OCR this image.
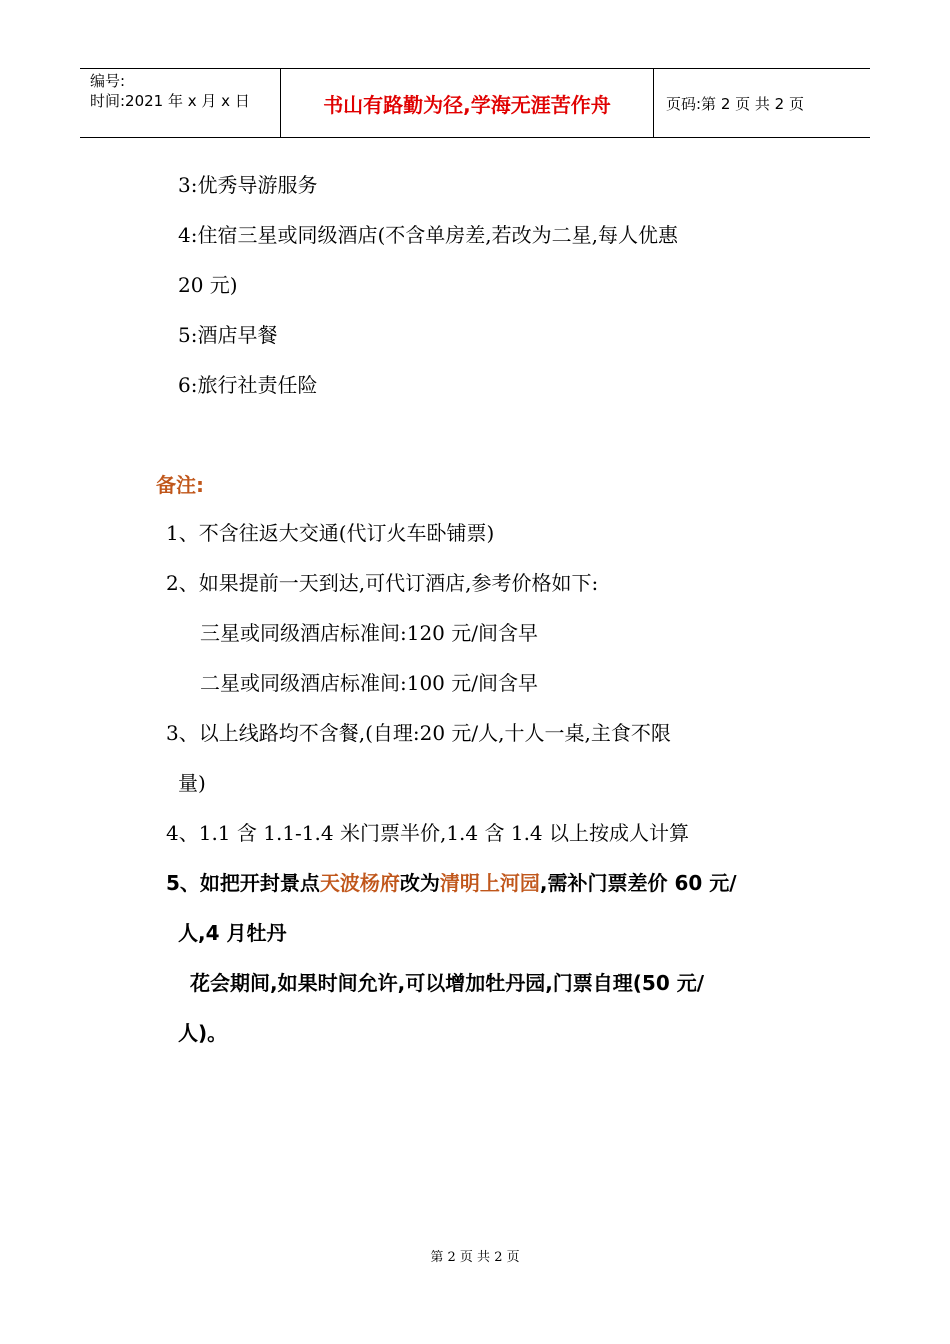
编号:
时间:2021 年 x 月 x 日	书山有路勤为径,学海无涯苦作舟	页码:第 2 页 共 2 页
3:优秀导游服务
4:住宿三星或同级酒店(不含单房差,若改为二星,每人优惠
20 元)
5:酒店早餐
6:旅行社责任险
备注:
1、不含往返大交通(代订火车卧铺票)
2、如果提前一天到达,可代订酒店,参考价格如下:
三星或同级酒店标准间:120 元/间含早
二星或同级酒店标准间:100 元/间含早
3、以上线路均不含餐,(自理:20 元/人,十人一桌,主食不限
量)
4、1.1 含 1.1-1.4 米门票半价,1.4 含 1.4 以上按成人计算
5、如把开封景点天波杨府改为清明上河园,需补门票差价 60 元/
人,4 月牡丹
花会期间,如果时间允许,可以增加牡丹园,门票自理(50 元/
人)。
第 2 页 共 2 页
